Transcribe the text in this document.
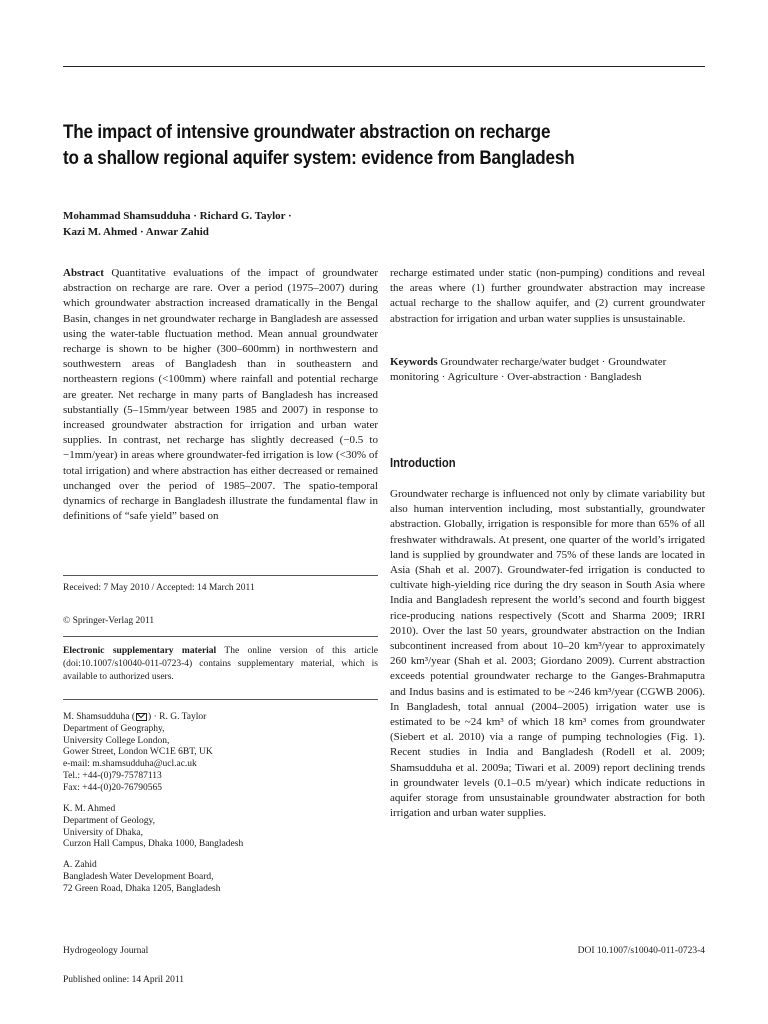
The impact of intensive groundwater abstraction on recharge
to a shallow regional aquifer system: evidence from Bangladesh
Mohammad Shamsudduha · Richard G. Taylor ·
Kazi M. Ahmed · Anwar Zahid
Abstract Quantitative evaluations of the impact of groundwater abstraction on recharge are rare. Over a period (1975–2007) during which groundwater abstraction increased dramatically in the Bengal Basin, changes in net groundwater recharge in Bangladesh are assessed using the water-table fluctuation method. Mean annual groundwater recharge is shown to be higher (300–600mm) in northwestern and southwestern areas of Bangladesh than in southeastern and northeastern regions (<100mm) where rainfall and potential recharge are greater. Net recharge in many parts of Bangladesh has increased substantially (5–15mm/year between 1985 and 2007) in response to increased groundwater abstraction for irrigation and urban water supplies. In contrast, net recharge has slightly decreased (−0.5 to −1mm/year) in areas where groundwater-fed irrigation is low (<30% of total irrigation) and where abstraction has either decreased or remained unchanged over the period of 1985–2007. The spatio-temporal dynamics of recharge in Bangladesh illustrate the fundamental flaw in definitions of “safe yield” based on
Received: 7 May 2010 / Accepted: 14 March 2011
© Springer-Verlag 2011
Electronic supplementary material The online version of this article (doi:10.1007/s10040-011-0723-4) contains supplementary material, which is available to authorized users.
M. Shamsudduha ( ) · R. G. Taylor
Department of Geography,
University College London,
Gower Street, London WC1E 6BT, UK
e-mail: m.shamsudduha@ucl.ac.uk
Tel.: +44-(0)79-75787113
Fax: +44-(0)20-76790565
K. M. Ahmed
Department of Geology,
University of Dhaka,
Curzon Hall Campus, Dhaka 1000, Bangladesh
A. Zahid
Bangladesh Water Development Board,
72 Green Road, Dhaka 1205, Bangladesh
recharge estimated under static (non-pumping) conditions and reveal the areas where (1) further groundwater abstraction may increase actual recharge to the shallow aquifer, and (2) current groundwater abstraction for irrigation and urban water supplies is unsustainable.
Keywords Groundwater recharge/water budget · Groundwater monitoring · Agriculture · Over-abstraction · Bangladesh
Introduction
Groundwater recharge is influenced not only by climate variability but also human intervention including, most substantially, groundwater abstraction. Globally, irrigation is responsible for more than 65% of all freshwater withdrawals. At present, one quarter of the world’s irrigated land is supplied by groundwater and 75% of these lands are located in Asia (Shah et al. 2007). Groundwater-fed irrigation is conducted to cultivate high-yielding rice during the dry season in South Asia where India and Bangladesh represent the world’s second and fourth biggest rice-producing nations respectively (Scott and Sharma 2009; IRRI 2010). Over the last 50 years, groundwater abstraction on the Indian subcontinent increased from about 10–20 km³/year to approximately 260 km³/year (Shah et al. 2003; Giordano 2009). Current abstraction exceeds potential groundwater recharge to the Ganges-Brahmaputra and Indus basins and is estimated to be ~246 km³/year (CGWB 2006). In Bangladesh, total annual (2004–2005) irrigation water use is estimated to be ~24 km³ of which 18 km³ comes from groundwater (Siebert et al. 2010) via a range of pumping technologies (Fig. 1). Recent studies in India and Bangladesh (Rodell et al. 2009; Shamsudduha et al. 2009a; Tiwari et al. 2009) report declining trends in groundwater levels (0.1–0.5 m/year) which indicate reductions in aquifer storage from unsustainable groundwater abstraction for both irrigation and urban water supplies.
Hydrogeology Journal	DOI 10.1007/s10040-011-0723-4
Published online: 14 April 2011
